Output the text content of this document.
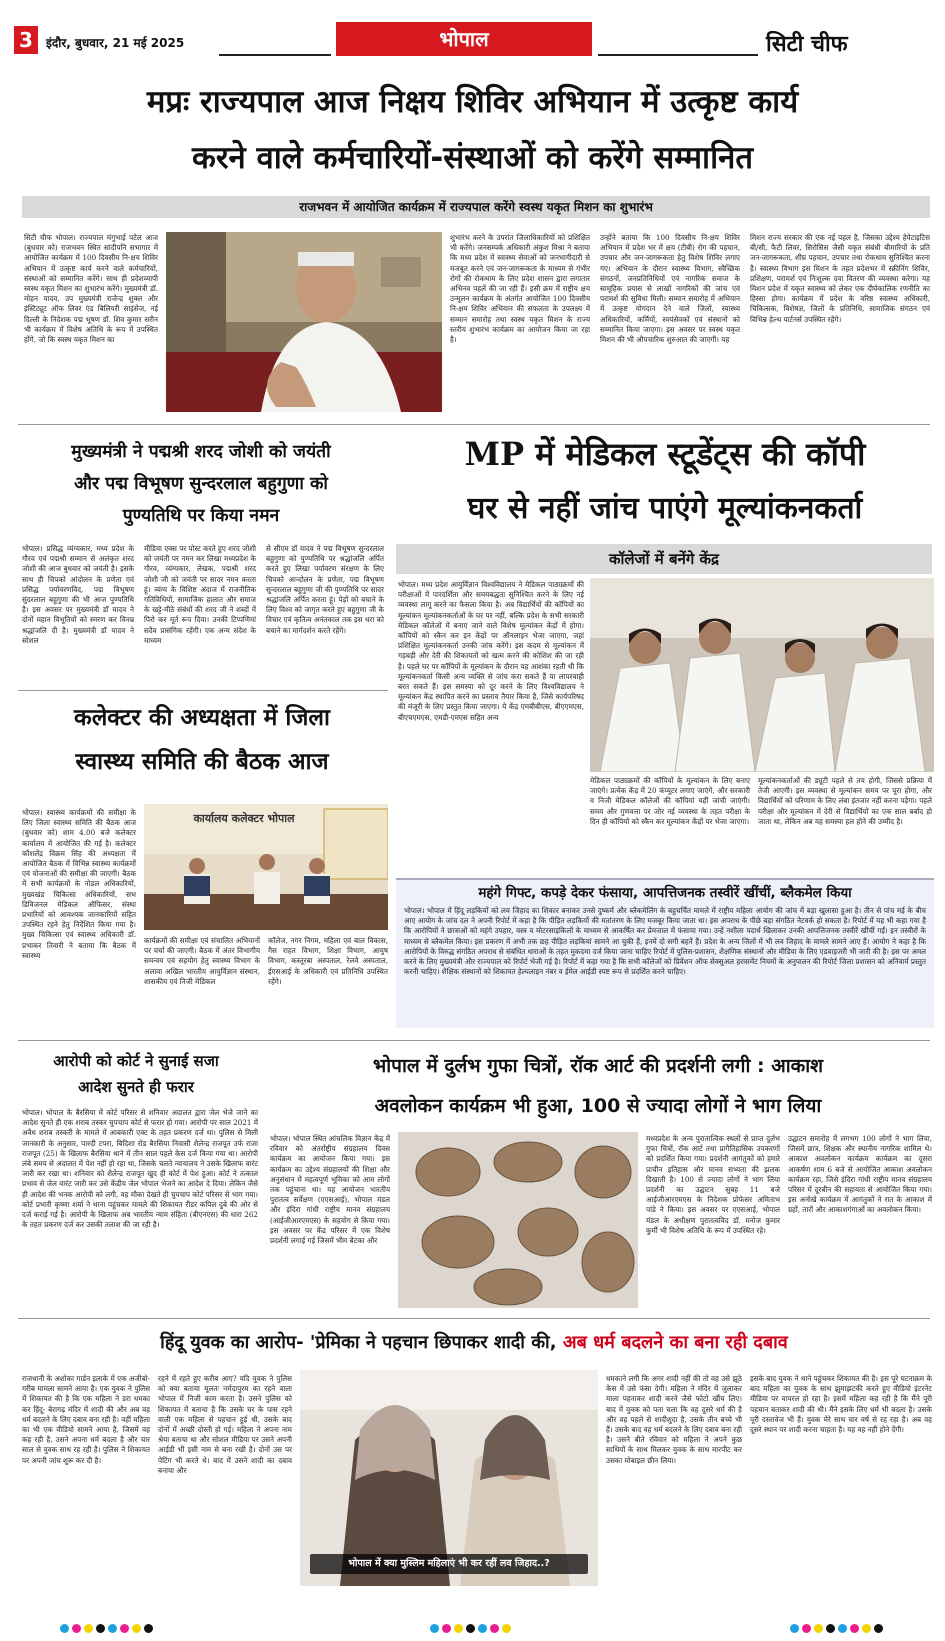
3	इंदौर, बुधवार, 21 मई 2025	भोपाल	सिटी चीफ
मप्रः राज्यपाल आज निक्षय शिविर अभियान में उत्कृष्ट कार्य
करने वाले कर्मचारियों-संस्थाओं को करेंगे सम्मानित
राजभवन में आयोजित कार्यक्रम में राज्यपाल करेंगे स्वस्थ यकृत मिशन का शुभारंभ
सिटी चीफ भोपाल। राज्यपाल मंगुभाई पटेल आज (बुधवार को) राजभवन स्थित सांदीपनि सभागार में आयोजित कार्यक्रम में 100 दिवसीय नि-क्षय शिविर अभियान में उत्कृष्ट कार्य करने वाले कर्मचारियों, संस्थाओं को सम्मानित करेंगे। साथ ही प्रदेशव्यापी स्वस्थ यकृत मिशन का शुभारंभ करेंगे। मुख्यमंत्री डॉ. मोहन यादव, उप मुख्यमंत्री राजेन्द्र शुक्ल और इंस्टिट्यूट ऑफ लिवर एंड बिलियरी साइंसेज, नई दिल्ली के निदेशक पद्म भूषण डॉ. शिव कुमार सरीन भी कार्यक्रम में विशेष अतिथि के रूप में उपस्थित होंगे, जो कि स्वस्थ यकृत मिशन का
शुभारंभ करने के उपरांत जिलाधिकारियों को प्रशिक्षित भी करेंगे। जनसम्पर्क अधिकारी अंकुश मिश्रा ने बताया कि मध्य प्रदेश में स्वास्थ्य सेवाओं को जनभागीदारी से मजबूत करने एवं जन-जागरूकता के माध्यम से गंभीर रोगों की रोकथाम के लिए प्रदेश शासन द्वारा लगातार अभिनव पहलें की जा रही हैं। इसी क्रम में राष्ट्रीय क्षय उन्मूलन कार्यक्रम के अंतर्गत आयोजित 100 दिवसीय नि-क्षय शिविर अभियान की सफलता के उपलक्ष्य में सम्मान समारोह तथा स्वस्थ यकृत मिशन के राज्य स्तरीय शुभारंभ कार्यक्रम का आयोजन किया जा रहा है।
उन्होंने बताया कि 100 दिवसीय नि-क्षय शिविर अभियान में प्रदेश भर में क्षय (टीबी) रोग की पहचान, उपचार और जन-जागरूकता हेतु विशेष शिविर लगाए गए। अभियान के दौरान स्वास्थ्य विभाग, स्वैच्छिक संगठनों, जनप्रतिनिधियों एवं नागरिक समाज के सामूहिक प्रयास से लाखों नागरिकों की जांच एवं परामर्श की सुविधा मिली। सम्मान समारोह में अभियान में उत्कृष्ट योगदान देने वाले जिलों, स्वास्थ्य अधिकारियों, कर्मियों, स्वयंसेवकों एवं संस्थानों को सम्मानित किया जाएगा। इस अवसर पर स्वस्थ यकृत मिशन की भी औपचारिक शुरुआत की जाएगी। यह
मिशन राज्य सरकार की एक नई पहल है, जिसका उद्देश्य हेपेटाइटिस बी/सी, फैटी लिवर, सिरोसिस जैसी यकृत संबंधी बीमारियों के प्रति जन-जागरूकता, शीघ्र पहचान, उपचार तथा रोकथाम सुनिश्चित करना है। स्वास्थ्य विभाग इस मिशन के तहत प्रदेशभर में स्क्रीनिंग शिविर, प्रशिक्षण, परामर्श एवं निःशुल्क दवा वितरण की व्यवस्था करेगा। यह मिशन प्रदेश में यकृत स्वास्थ्य को लेकर एक दीर्घकालिक रणनीति का हिस्सा होगा। कार्यक्रम में प्रदेश के वरिष्ठ स्वास्थ्य अधिकारी, चिकित्सक, विशेषज्ञ, जिलों के प्रतिनिधि, सामाजिक संगठन एवं विभिन्न हेल्थ पार्टनर्स उपस्थित रहेंगे।
मुख्यमंत्री ने पद्मश्री शरद जोशी को जयंती
और पद्म विभूषण सुन्दरलाल बहुगुणा को
पुण्यतिथि पर किया नमन
भोपाल। प्रसिद्ध व्यंग्यकार, मध्य प्रदेश के गौरव एवं पद्मश्री सम्मान से अलंकृत शरद जोशी की आज बुधवार को जयंती है। इसके साथ ही चिपको आंदोलन के प्रणेता एवं प्रसिद्ध पर्यावरणविद, पद्म विभूषण सुंदरलाल बहुगुणा की भी आज पुण्यतिथि है। इस अवसर पर मुख्यमंत्री डॉ यादव ने दोनों महान विभूतियों को स्मरण कर विनम्र श्रद्धांजलि दी है। मुख्यमंत्री डॉ यादव ने सोशल
मीडिया एक्स पर पोस्ट करते हुए शरद जोशी को जयंती पर नमन कर लिखा मध्यप्रदेश के गौरव, व्यंग्यकार, लेखक, पद्मश्री शरद जोशी जी को जयंती पर सादर नमन करता हूं। व्यंग्य के विशिष्ट अंदाज में राजनीतिक गतिविधियों, सामाजिक हालात और समाज के खट्टे-मीठे संबंधों की शरद जी ने शब्दों में पिरो कर मूर्त रूप दिया। उनकी टिप्पणियां सदैव प्रासंगिक रहेंगी। एक अन्य संदेश के माध्यम
से सीएम डॉ यादव ने पद्म विभूषण सुन्दरलाल बहुगुणा को पुण्यतिथि पर श्रद्धांजलि अर्पित करते हुए लिखा पर्यावरण संरक्षण के लिए चिपको आन्दोलन के प्रणेता, पद्म विभूषण सुन्दरलाल बहुगुणा जी की पुण्यतिथि पर सादर श्रद्धांजलि अर्पित करता हूं। पेड़ों को बचाने के लिए विश्व को जागृत करते हुए बहुगुणा जी के विचार एवं कृतित्व अनंतकाल तक इस धरा को बचाने का मार्गदर्शन करते रहेंगे।
MP में मेडिकल स्टूडेंट्स की कॉपी
घर से नहीं जांच पाएंगे मूल्यांकनकर्ता
कॉलेजों में बनेंगे केंद्र
भोपाल। मध्य प्रदेश आयुर्विज्ञान विश्वविद्यालय ने मेडिकल पाठ्यक्रमों की परीक्षाओं में पारदर्शिता और समयबद्धता सुनिश्चित करने के लिए नई व्यवस्था लागू करने का फैसला किया है। अब विद्यार्थियों की कॉपियों का मूल्यांकन मूल्यांकनकर्ताओं के घर पर नहीं, बल्कि प्रदेश के सभी सरकारी मेडिकल कॉलेजों में बनाए जाने वाले विशेष मूल्यांकन केंद्रों में होगा। कॉपियों को स्कैन कर इन केंद्रों पर ऑनलाइन भेजा जाएगा, जहां प्रशिक्षित मूल्यांकनकर्ता उनकी जांच करेंगे। इस कदम से मूल्यांकन में गड़बड़ी और देरी की शिकायतों को खत्म करने की कोशिश की जा रही है। पहले घर पर कॉपियों के मूल्यांकन के दौरान यह आशंका रहती थी कि मूल्यांकनकर्ता किसी अन्य व्यक्ति से जांच करा सकते हैं या लापरवाही बरत सकते हैं। इस समस्या को दूर करने के लिए विश्वविद्यालय ने मूल्यांकन केंद्र स्थापित करने का प्रस्ताव तैयार किया है, जिसे कार्यपरिषद की मंजूरी के लिए प्रस्तुत किया जाएगा। ये केंद्र एमबीबीएस, बीएएमएस, बीएचएमएस, एमडी-एमएस सहित अन्य
मेडिकल पाठ्यक्रमों की कॉपियों के मूल्यांकन के लिए बनाए जाएंगे। प्रत्येक केंद्र में 20 कंप्यूटर लगाए जाएंगे, और सरकारी व निजी मेडिकल कॉलेजों की कॉपियां यहीं जांची जाएंगी। समय और गुणवत्ता पर जोर नई व्यवस्था के तहत परीक्षा के दिन ही कॉपियों को स्कैन कर मूल्यांकन केंद्रों पर भेजा जाएगा।
मूल्यांकनकर्ताओं की ड्यूटी पहले से तय होगी, जिससे प्रक्रिया में तेजी आएगी। इस व्यवस्था से मूल्यांकन समय पर पूरा होगा, और विद्यार्थियों को परिणाम के लिए लंबा इंतजार नहीं करना पड़ेगा। पहले परीक्षा और मूल्यांकन में देरी से विद्यार्थियों का एक साल बर्बाद हो जाता था, लेकिन अब यह समस्या हल होने की उम्मीद है।
कलेक्टर की अध्यक्षता में जिला
स्वास्थ्य समिति की बैठक आज
भोपाल। स्वास्थ्य कार्यक्रमों की समीक्षा के लिए जिला स्वास्थ्य समिति की बैठक आज (बुधवार को) शाम 4.00 बजे कलेक्टर कार्यालय में आयोजित की गई है। कलेक्टर कौशलेंद्र विक्रम सिंह की अध्यक्षता में आयोजित बैठक में विभिन्न स्वास्थ्य कार्यक्रमों एवं योजनाओं की समीक्षा की जाएगी। बैठक में सभी कार्यक्रमों के नोडल अधिकारियों, मुख्यखंड चिकित्सा अधिकारियों, सभ डिविजनल मेडिकल ऑफिसर, संस्था प्रभारियों को आवश्यक जानकारियों सहित उपस्थित रहने हेतु निर्देशित किया गया है। मुख्य चिकित्सा एवं स्वास्थ्य अधिकारी डॉ. प्रभाकर तिवारी ने बताया कि बैठक में स्वास्थ्य
कार्यालय कलेक्टर भोपाल
कार्यक्रमों की समीक्षा एवं संचालित अभियानों पर चर्चा की जाएगी। बैठक में अंतर विभागीय समन्वय एवं सहयोग हेतु स्वास्थ्य विभाग के अलावा अखिल भारतीय आयुर्विज्ञान संस्थान, शासकीय एवं निजी मेडिकल
कॉलेज, नगर निगम, महिला एवं बाल विकास, गैस राहत विभाग, शिक्षा विभाग, आयुष विभाग, कस्तूरबा अस्पताल, रेलवे अस्पताल, ईएसआई के अधिकारी एवं प्रतिनिधि उपस्थित रहेंगे।
महंगे गिफ्ट, कपड़े देकर फंसाया, आपत्तिजनक तस्वीरें खींचीं, ब्लैकमेल किया
भोपाल। भोपाल में हिंदू लड़कियों को लव जिहाद का शिकार बनाकर उनसे दुष्कर्म और ब्लैकमेलिंग के बहुचर्चित मामले में राष्ट्रीय महिला आयोग की जांच में बड़ा खुलासा हुआ है। तीन से पांच मई के बीच आए आयोग के जांच दल ने अपनी रिपोर्ट में कहा है कि पीड़ित लड़कियों की मतांतरण के लिए मजबूर किया जाता था। इस अपराध के पीछे बड़ा संगठित नेटवर्क हो सकता है। रिपोर्ट में यह भी कहा गया है कि आरोपियों ने छात्राओं को महंगे उपहार, वस्त्र व मोटरसाइकिलों के माध्यम से आकर्षित कर प्रेमजाल में फंसाया गया। उन्हें नशीला पदार्थ खिलाकर उनकी आपत्तिजनक तस्वीरें खींचीं गईं। इन तस्वीरों के माध्यम से ब्लैकमेल किया। इस प्रकरण में अभी तक छह पीड़ित लड़कियां सामने आ चुकी हैं, इनमें दो सगी बहनें हैं। प्रदेश के अन्य जिलों में भी लव जिहाद के मामले सामने आए हैं। आयोग ने कहा है कि आरोपियों के विरुद्ध संगठित अपराध से संबंधित धाराओं के तहत मुकदमा दर्ज किया जाना चाहिए रिपोर्ट में पुलिस-प्रशासन, शैक्षणिक संस्थानों और मीडिया के लिए एडवाइजरी भी जारी की है। इस पर अमल करने के लिए मुख्यमंत्री और राज्यपाल को रिपोर्ट भेजी गई है। रिपोर्ट में कहा गया है कि सभी कॉलेजों को प्रिवेंशन ऑफ सेक्सुअल हरासमेंट नियमों के अनुपालन की रिपोर्ट जिला प्रशासन को अनिवार्य प्रस्तुत करनी चाहिए। शैक्षिक संस्थानों को शिकायत हेल्पलाइन नंबर व ईमेल आईडी स्पष्ट रूप से प्रदर्शित करने चाहिए।
आरोपी को कोर्ट ने सुनाई सजा
आदेश सुनते ही फरार
भोपाल। भोपाल के बैरसिया में कोर्ट परिसर से शनिवार अदालत द्वारा जेल भेजे जाने का आदेश सुनते ही एक शराब तस्कर चुपचाप कोर्ट से फरार हो गया। आरोपी पर साल 2021 में अवैध शराब तस्करी के मामले में आबकारी एक्ट के तहत प्रकरण दर्ज था। पुलिस से मिली जानकारी के अनुसार, पारदी टपरा, बिदिशा रोड बैरसिया निवासी शैलेन्द्र राजपूत उर्फ राजा राजपूत (25) के खिलाफ बैरसिया थाने में तीन साल पहले केस दर्ज किया गया था। आरोपी लंबे समय से अदालत में पेश नहीं हो रहा था, जिसके चलते न्यायालय ने उसके खिलाफ वारंट जारी कर रखा था। शनिवार को शैलेन्द्र राजपूत खुद ही कोर्ट में पेश हुआ। कोर्ट ने तत्काल प्रभाव से जेल वारंट जारी कर उसे केंद्रीय जेल भोपाल भेजने का आदेश दे दिया। लेकिन जैसे ही आदेश की भनक आरोपी को लगी, वह मौका देखते ही चुपचाप कोर्ट परिसर से भाग गया। कोर्ट प्रभारी कृष्णा शर्मा ने थाना पहुंचकर मामले की शिकायत रीडर कपिल दुबे की ओर से दर्ज कराई गई है। आरोपी के खिलाफ अब भारतीय न्याय संहिता (बीएनएस) की धारा 262 के तहत प्रकरण दर्ज कर उसकी तलाश की जा रही है।
भोपाल में दुर्लभ गुफा चित्रों, रॉक आर्ट की प्रदर्शनी लगी : आकाश
अवलोकन कार्यक्रम भी हुआ, 100 से ज्यादा लोगों ने भाग लिया
भोपाल। भोपाल स्थित आंचलिक विज्ञान केंद्र में रविवार को अंतर्राष्ट्रीय संग्रहालय दिवस कार्यक्रम का आयोजन किया गया। इस कार्यक्रम का उद्देश्य संग्रहालयों की शिक्षा और अनुसंधान में महत्वपूर्ण भूमिका को आम लोगों तक पहुंचाना था। यह आयोजन भारतीय पुरातत्व सर्वेक्षण (एएसआई), भोपाल मंडल और इंदिरा गांधी राष्ट्रीय मानव संग्रहालय (आईजीआरएमएस) के सहयोग से किया गया। इस अवसर पर केंद्र परिसर में एक विशेष प्रदर्शनी लगाई गई जिसमें भीम बेटका और
मध्यप्रदेश के अन्य पुरातात्विक स्थलों से प्राप्त दुर्लभ गुफा चित्रों, रॉक आर्ट तथा प्रागैतिहासिक उपकरणों को प्रदर्शित किया गया। प्रदर्शनी आगंतुकों को हमारे प्राचीन इतिहास और मानव सभ्यता की झलक दिखाती है। 100 से ज्यादा लोगों ने भाग लिया प्रदर्शनी का उद्घाटन सुबह 11 बजे आईजीआरएमएस के निदेशक प्रोफेसर अमिताभ पांडे ने किया। इस अवसर पर एएसआई, भोपाल मंडल के अधीक्षण पुरातत्वविद डॉ. मनोज कुमार कुर्मी भी विशेष अतिथि के रूप में उपस्थित रहे।
उद्घाटन समारोह में लगभग 100 लोगों ने भाग लिया, जिसमें छात्र, शिक्षक और स्थानीय नागरिक शामिल थे। आकाश अवलोकन कार्यक्रम कार्यक्रम का दूसरा आकर्षण शाम 6 बजे से आयोजित आकाश अवलोकन कार्यक्रम रहा, जिसे इंदिरा गांधी राष्ट्रीय मानव संग्रहालय परिसर में दूरबीन की सहायता से आयोजित किया गया। इस अनोखे कार्यक्रम में आगंतुकों ने रात के आकाश में ग्रहों, तारों और आकाशगंगाओं का अवलोकन किया।
हिंदू युवक का आरोप- 'प्रेमिका ने पहचान छिपाकर शादी की, अब धर्म बदलने का बना रही दबाव
राजधानी के अशोका गार्डन इलाके में एक अजीबो- गरीब मामला सामने आया है। एक युवक ने पुलिस में शिकायत की है कि एक महिला ने डरा धमका कर हिंदू- बेरागढ़ मंदिर में शादी की और अब वह धर्म बदलने के लिए दबाव बना रही है। वहीं महिला का भी एक वीडियो सामने आया है, जिसमें वह कह रही है, उसने अपना धर्म बदला है और चार साल से युवक साथ रह रही है। पुलिस ने शिकायत पर अपनी जांच शुरू कर दी है।
रहने में रहते हुए करीब आए? यदि युवक ने पुलिस को क्या बताया मूलतः नर्मदापुरम का रहने वाला भोपाल में निजी काम करता है। उसने पुलिस को शिकायत में बताया है कि उसके घर के पास रहने वाली एक महिला से पहचान हुई थी, उसके बाद दोनों में अच्छी दोस्ती हो गई। महिला ने अपना नाम श्रेया बताया था और सोशल मीडिया पर उसने अपनी आईडी भी इसी नाम से बना रखी है। दोनों उस पर पेटिंग भी करते थे। बाद में उसने शादी का दबाव बनाया और
भोपाल में क्या मुस्लिम महिलाएं भी कर रहीं लव जिहाद..?
धमकाने लगी कि अगर शादी नहीं की तो वह उसे झूठे केस में उसे फंसा देगी। महिला ने मंदिर में जुलाकर माला पहनाकर शादी करने जैसे फोटो खींच लिए। बाद में युवक को पता चला कि वह दूसरे धर्म की है और वह पहले से शादीशुदा है, उसके तीन बच्चे भी हैं। उसके बाद वह धर्म बदलने के लिए दबाव बना रही है। उसने बीते रविवार को महिला ने अपने कुछ साथियों के साथ मिलकर युवक के साथ मारपीट कर उसका मोबाइल छीन लिया।
इसके बाद युवक ने थाने पहुंचकर शिकायत की है। इस पूरे घटनाक्रम के बाद महिला का युवक के साथ झुमाझटकी करते हुए वीडियो इंटरनेट मीडिया पर वायरल हो रहा है। इसमें महिला कह रही है कि मैंने पूरी पहचान बताकर शादी की थी। मैंने इसके लिए धर्म भी बदला है। उसके पूरी दस्तावेज भी हैं। युवक मेरे साथ चार वर्ष से रह रहा है। अब वह दूसरे स्थान पर शादी करना चाहता है। यह वह नहीं होने देंगी।
